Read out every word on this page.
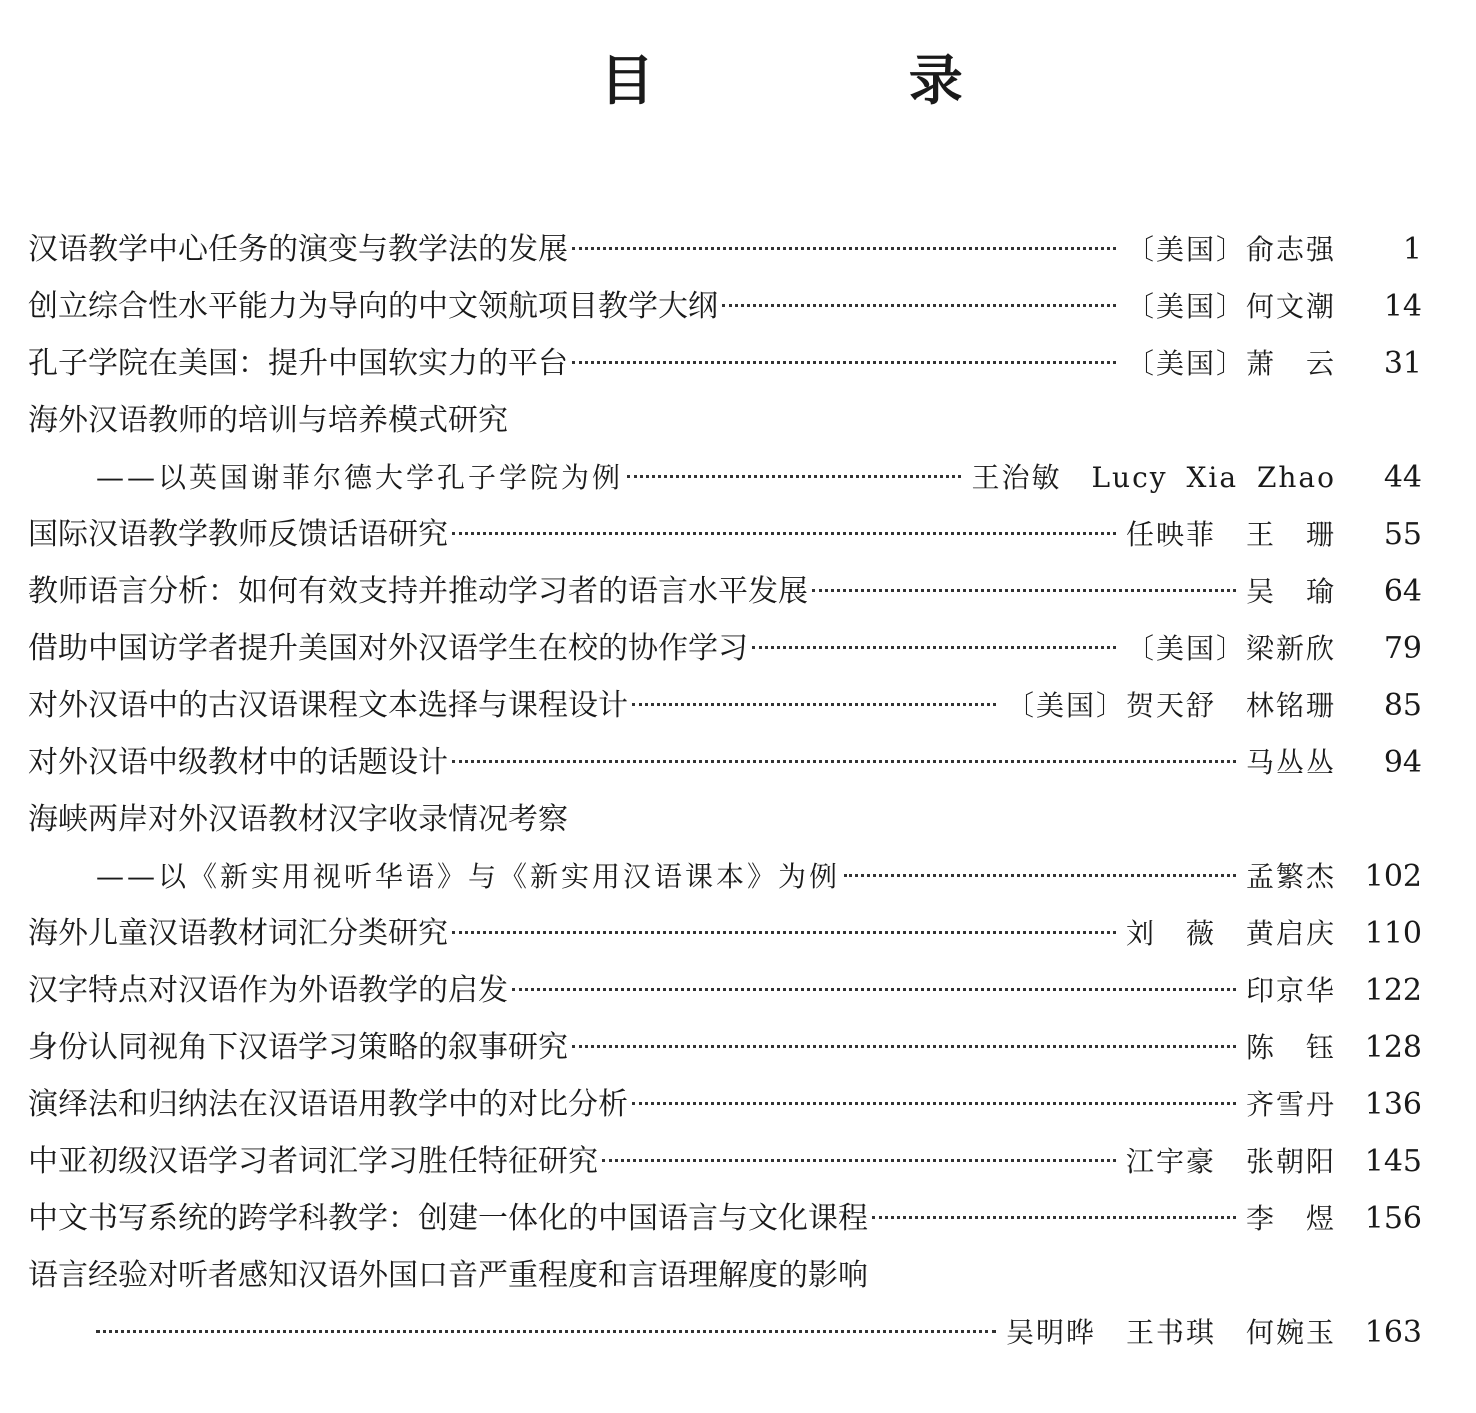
目 录
汉语教学中心任务的演变与教学法的发展	〔美国〕俞志强	1
创立综合性水平能力为导向的中文领航项目教学大纲	〔美国〕何文潮	14
孔子学院在美国：提升中国软实力的平台	〔美国〕萧　云	31
海外汉语教师的培训与培养模式研究
——以英国谢菲尔德大学孔子学院为例	王治敏　Lucy Xia Zhao	44
国际汉语教学教师反馈话语研究	任映菲　王　珊	55
教师语言分析：如何有效支持并推动学习者的语言水平发展	吴　瑜	64
借助中国访学者提升美国对外汉语学生在校的协作学习	〔美国〕梁新欣	79
对外汉语中的古汉语课程文本选择与课程设计	〔美国〕贺天舒　林铭珊	85
对外汉语中级教材中的话题设计	马丛丛	94
海峡两岸对外汉语教材汉字收录情况考察
——以《新实用视听华语》与《新实用汉语课本》为例	孟繁杰 102
海外儿童汉语教材词汇分类研究	刘　薇　黄启庆 110
汉字特点对汉语作为外语教学的启发	印京华 122
身份认同视角下汉语学习策略的叙事研究	陈　钰 128
演绎法和归纳法在汉语语用教学中的对比分析	齐雪丹 136
中亚初级汉语学习者词汇学习胜任特征研究	江宇豪　张朝阳 145
中文书写系统的跨学科教学：创建一体化的中国语言与文化课程	李　煜 156
语言经验对听者感知汉语外国口音严重程度和言语理解度的影响
吴明晔　王书琪　何婉玉 163
